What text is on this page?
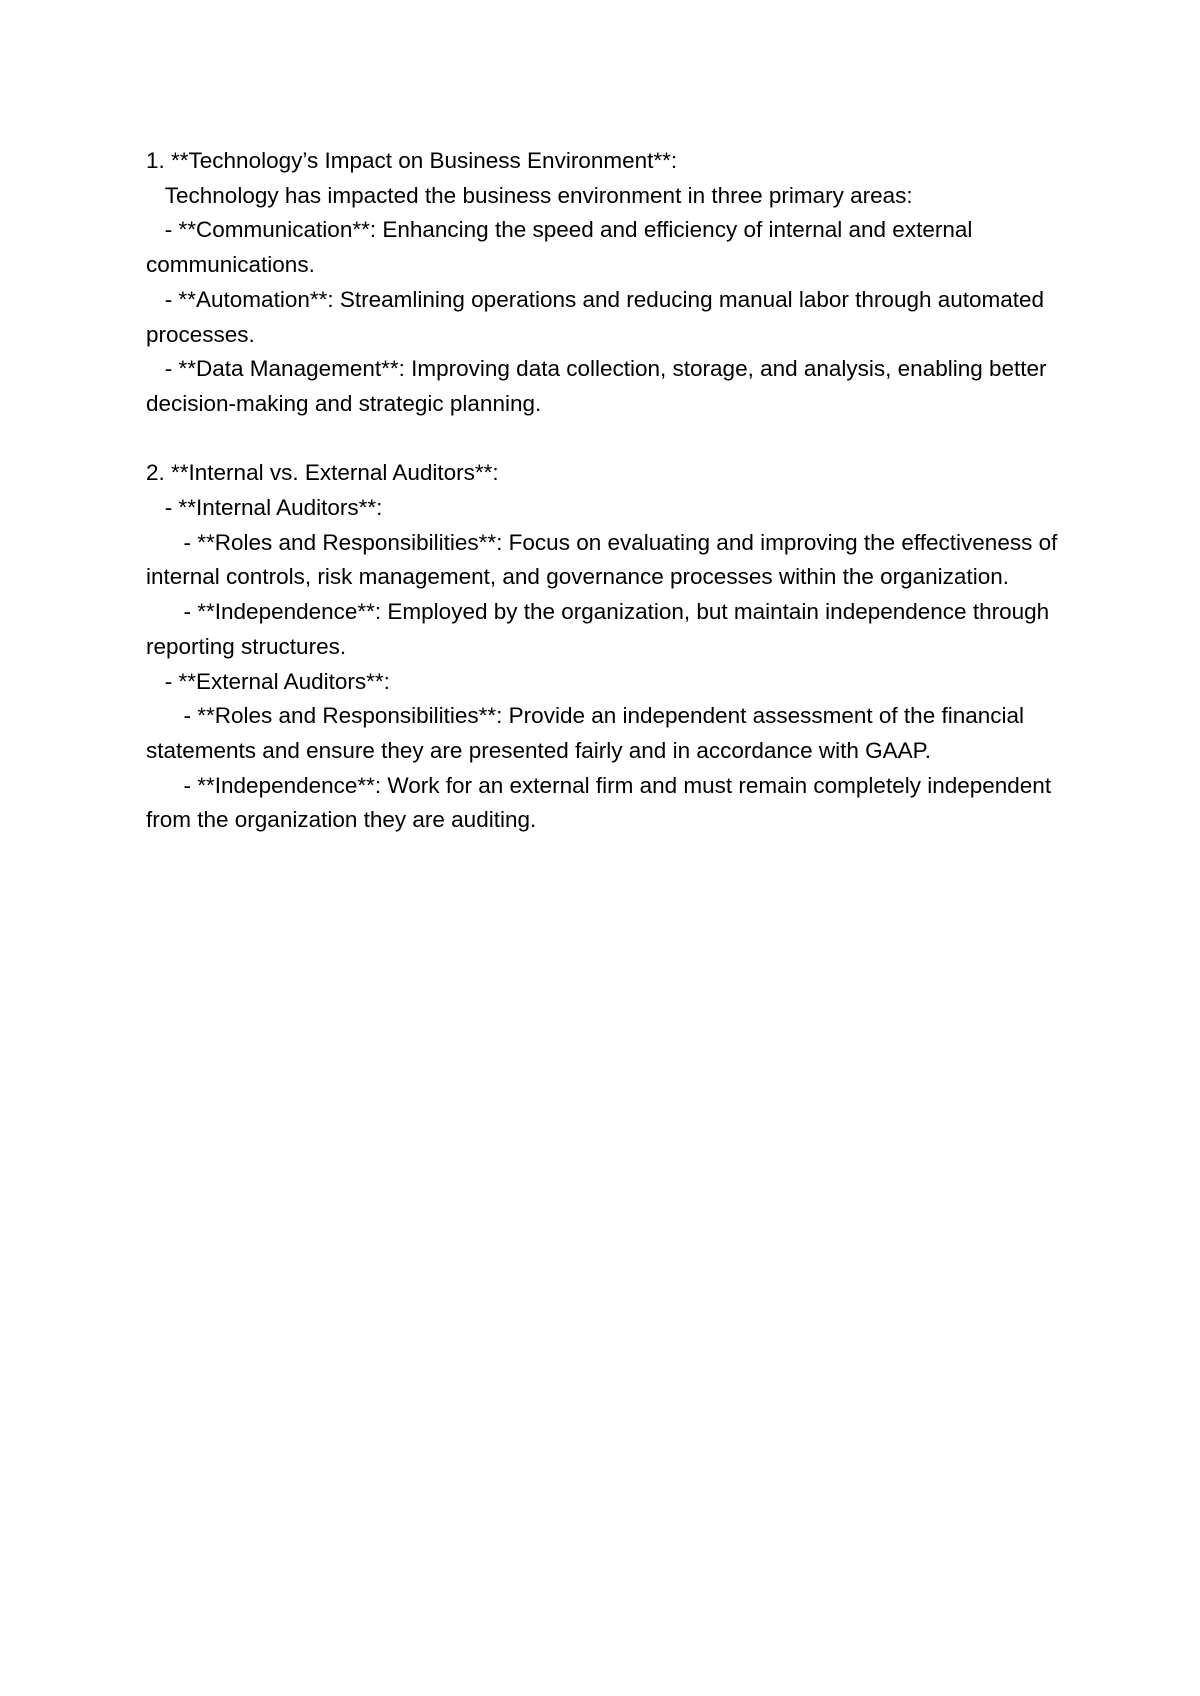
1. **Technology’s Impact on Business Environment**:

Technology has impacted the business environment in three primary areas:

- **Communication**: Enhancing the speed and efficiency of internal and external communications.

- **Automation**: Streamlining operations and reducing manual labor through automated processes.

- **Data Management**: Improving data collection, storage, and analysis, enabling better decision-making and strategic planning.

2. **Internal vs. External Auditors**:

- **Internal Auditors**:

- **Roles and Responsibilities**: Focus on evaluating and improving the effectiveness of internal controls, risk management, and governance processes within the organization.

- **Independence**: Employed by the organization, but maintain independence through reporting structures.

- **External Auditors**:

- **Roles and Responsibilities**: Provide an independent assessment of the financial statements and ensure they are presented fairly and in accordance with GAAP.

- **Independence**: Work for an external firm and must remain completely independent from the organization they are auditing.
